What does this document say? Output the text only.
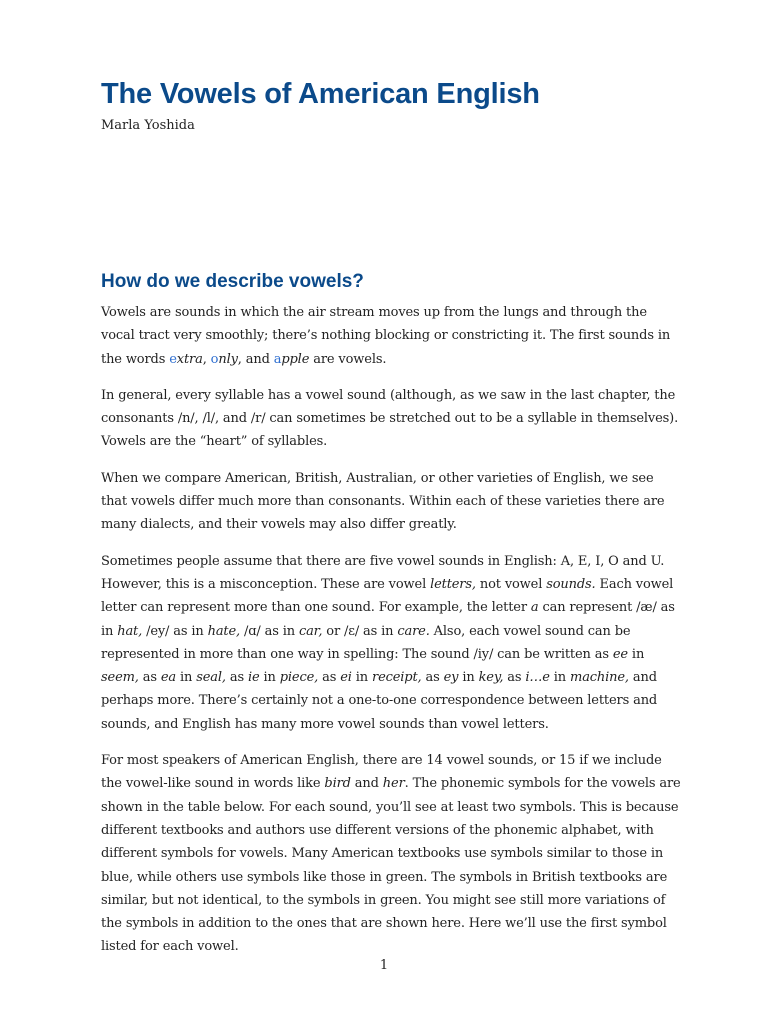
The Vowels of American English
Marla Yoshida
How do we describe vowels?

Vowels are sounds in which the air stream moves up from the lungs and through the vocal tract very smoothly; there’s nothing blocking or constricting it. The first sounds in the words extra, only, and apple are vowels.

In general, every syllable has a vowel sound (although, as we saw in the last chapter, the consonants /n/, /l/, and /r/ can sometimes be stretched out to be a syllable in themselves). Vowels are the “heart” of syllables.

When we compare American, British, Australian, or other varieties of English, we see that vowels differ much more than consonants. Within each of these varieties there are many dialects, and their vowels may also differ greatly.

Sometimes people assume that there are five vowel sounds in English: A, E, I, O and U. However, this is a misconception. These are vowel letters, not vowel sounds. Each vowel letter can represent more than one sound. For example, the letter a can represent /æ/ as in hat, /ey/ as in hate, /ɑ/ as in car, or /ɛ/ as in care. Also, each vowel sound can be represented in more than one way in spelling: The sound /iy/ can be written as ee in seem, as ea in seal, as ie in piece, as ei in receipt, as ey in key, as i…e in machine, and perhaps more. There’s certainly not a one-to-one correspondence between letters and sounds, and English has many more vowel sounds than vowel letters.

For most speakers of American English, there are 14 vowel sounds, or 15 if we include the vowel-like sound in words like bird and her. The phonemic symbols for the vowels are shown in the table below. For each sound, you’ll see at least two symbols. This is because different textbooks and authors use different versions of the phonemic alphabet, with different symbols for vowels. Many American textbooks use symbols similar to those in blue, while others use symbols like those in green. The symbols in British textbooks are similar, but not identical, to the symbols in green. You might see still more variations of the symbols in addition to the ones that are shown here. Here we’ll use the first symbol listed for each vowel.

1
